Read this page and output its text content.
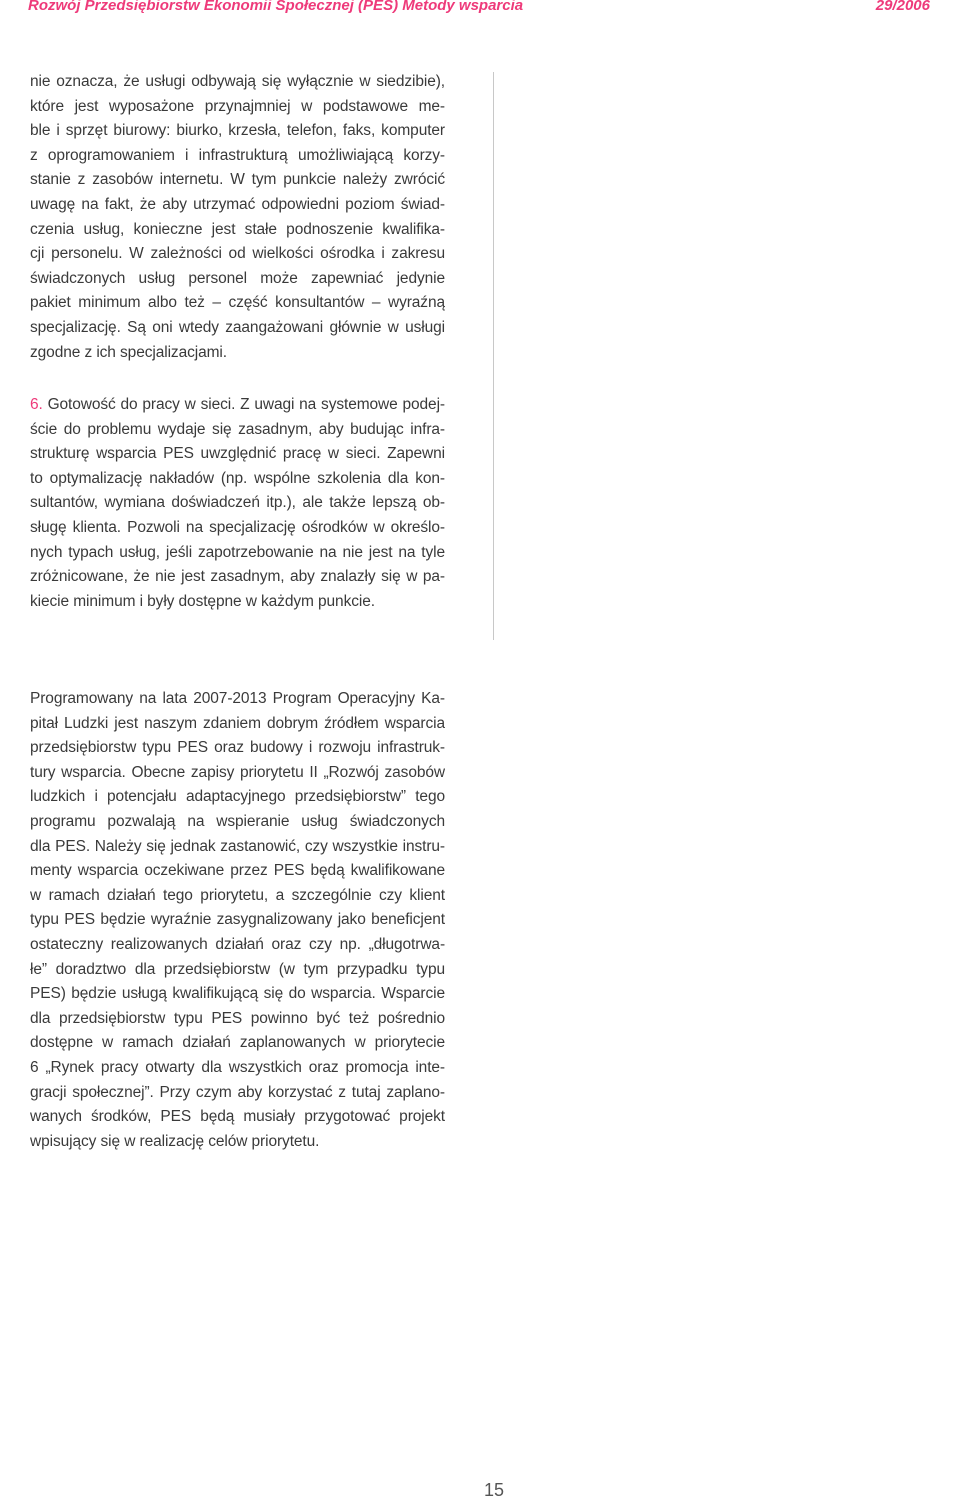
Rozwój Przedsiębiorstw Ekonomii Społecznej (PES) Metody wsparcia	29/2006
nie oznacza, że usługi odbywają się wyłącznie w siedzibie),
które jest wyposażone przynajmniej w podstawowe me-
ble i sprzęt biurowy: biurko, krzesła, telefon, faks, komputer
z oprogramowaniem i infrastrukturą umożliwiającą korzy-
stanie z zasobów internetu. W tym punkcie należy zwrócić
uwagę na fakt, że aby utrzymać odpowiedni poziom świad-
czenia usług, konieczne jest stałe podnoszenie kwalifika-
cji personelu. W zależności od wielkości ośrodka i zakresu
świadczonych usług personel może zapewniać jedynie
pakiet minimum albo też – część konsultantów – wyraźną
specjalizację. Są oni wtedy zaangażowani głównie w usługi
zgodne z ich specjalizacjami.
6. Gotowość do pracy w sieci. Z uwagi na systemowe podej-
ście do problemu wydaje się zasadnym, aby budując infra-
strukturę wsparcia PES uwzględnić pracę w sieci. Zapewni
to optymalizację nakładów (np. wspólne szkolenia dla kon-
sultantów, wymiana doświadczeń itp.), ale także lepszą ob-
sługę klienta. Pozwoli na specjalizację ośrodków w określo-
nych typach usług, jeśli zapotrzebowanie na nie jest na tyle
zróżnicowane, że nie jest zasadnym, aby znalazły się w pa-
kiecie minimum i były dostępne w każdym punkcie.
Programowany na lata 2007-2013 Program Operacyjny Ka-
pitał Ludzki jest naszym zdaniem dobrym źródłem wsparcia
przedsiębiorstw typu PES oraz budowy i rozwoju infrastruk-
tury wsparcia. Obecne zapisy priorytetu II „Rozwój zasobów
ludzkich i potencjału adaptacyjnego przedsiębiorstw” tego
programu pozwalają na wspieranie usług świadczonych
dla PES. Należy się jednak zastanowić, czy wszystkie instru-
menty wsparcia oczekiwane przez PES będą kwalifikowane
w ramach działań tego priorytetu, a szczególnie czy klient
typu PES będzie wyraźnie zasygnalizowany jako beneficjent
ostateczny realizowanych działań oraz czy np. „długotrwa-
łe” doradztwo dla przedsiębiorstw (w tym przypadku typu
PES) będzie usługą kwalifikującą się do wsparcia. Wsparcie
dla przedsiębiorstw typu PES powinno być też pośrednio
dostępne w ramach działań zaplanowanych w priorytecie
6 „Rynek pracy otwarty dla wszystkich oraz promocja inte-
gracji społecznej”. Przy czym aby korzystać z tutaj zaplano-
wanych środków, PES będą musiały przygotować projekt
wpisujący się w realizację celów priorytetu.
15
